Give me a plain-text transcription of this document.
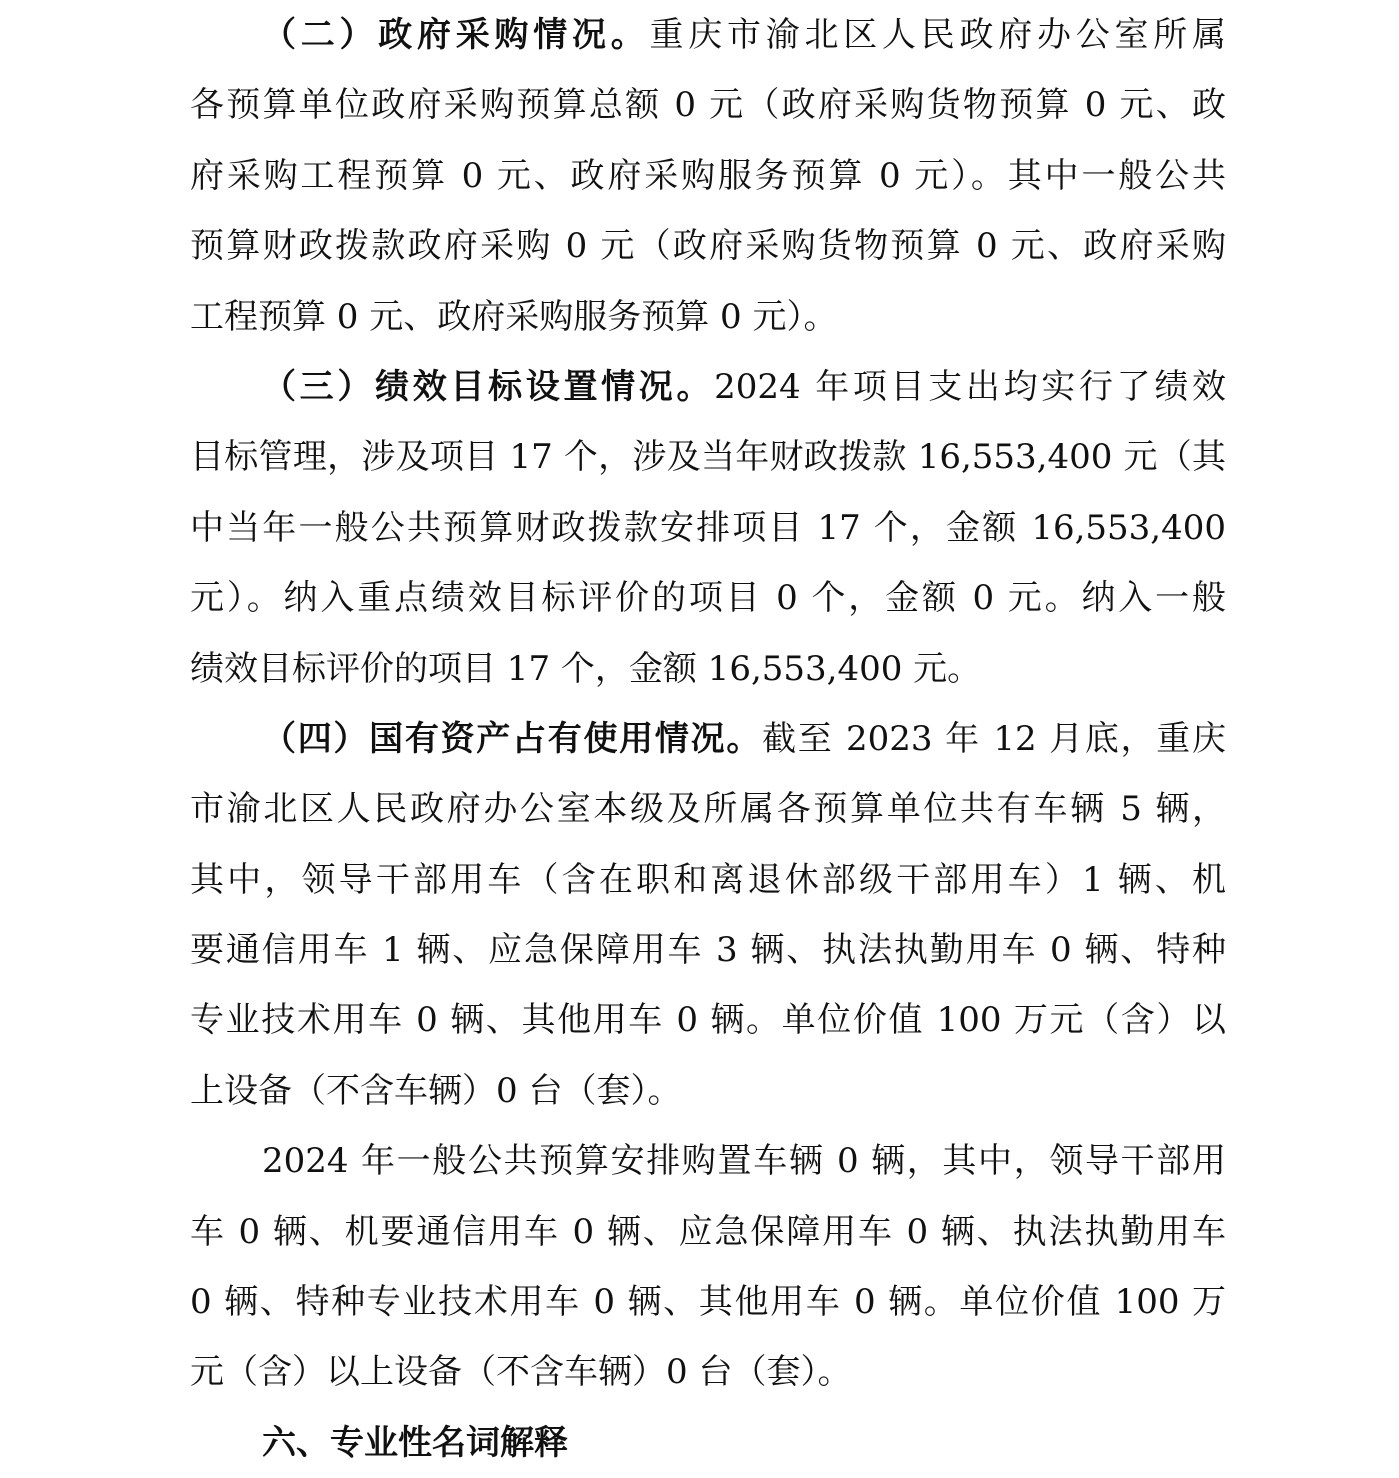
（二）政府采购情况。重庆市渝北区人民政府办公室所属
各预算单位政府采购预算总额 0 元（政府采购货物预算 0 元、政
府采购工程预算 0 元、政府采购服务预算 0 元）。其中一般公共
预算财政拨款政府采购 0 元（政府采购货物预算 0 元、政府采购
工程预算 0 元、政府采购服务预算 0 元）。
（三）绩效目标设置情况。2024 年项目支出均实行了绩效
目标管理，涉及项目 17 个，涉及当年财政拨款 16,553,400 元（其
中当年一般公共预算财政拨款安排项目 17 个，金额 16,553,400
元）。纳入重点绩效目标评价的项目 0 个，金额 0 元。纳入一般
绩效目标评价的项目 17 个，金额 16,553,400 元。
（四）国有资产占有使用情况。截至 2023 年 12 月底，重庆
市渝北区人民政府办公室本级及所属各预算单位共有车辆 5 辆，
其中，领导干部用车（含在职和离退休部级干部用车）1 辆、机
要通信用车 1 辆、应急保障用车 3 辆、执法执勤用车 0 辆、特种
专业技术用车 0 辆、其他用车 0 辆。单位价值 100 万元（含）以
上设备（不含车辆）0 台（套）。
2024 年一般公共预算安排购置车辆 0 辆，其中，领导干部用
车 0 辆、机要通信用车 0 辆、应急保障用车 0 辆、执法执勤用车
0 辆、特种专业技术用车 0 辆、其他用车 0 辆。单位价值 100 万
元（含）以上设备（不含车辆）0 台（套）。
六、专业性名词解释
